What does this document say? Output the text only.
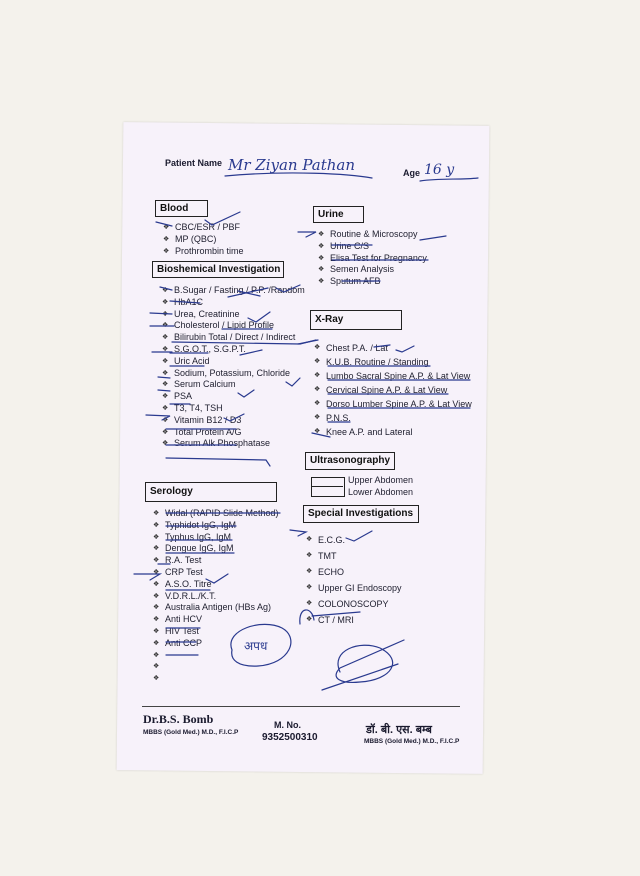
Patient Name Mr Ziyan Pathan	Age 16 y
Blood
❖ CBC/ESR / PBF
❖ MP (QBC)
❖ Prothrombin time
Bioshemical Investigation
❖ B.Sugar / Fasting / P.P. /Random
❖ HbA1C
❖ Urea, Creatinine
❖ Cholesterol / Lipid Profile
❖ Bilirubin Total / Direct / Indirect
❖ S.G.O.T., S.G.P.T.
❖ Uric Acid
❖ Sodium, Potassium, Chloride
❖ Serum Calcium
❖ PSA
❖ T3, T4, TSH
❖ Vitamin B12 / D3
❖ Total Protein A/G
❖ Serum Alk Phosphatase
Serology
❖ Widal (RAPID Slide Method)
❖ Typhidot IgG, IgM
❖ Typhus IgG, IgM
❖ Dengue IgG, IgM
❖ R.A. Test
❖ CRP Test
❖ A.S.O. Titre
❖ V.D.R.L./K.T.
❖ Australia Antigen (HBs Ag)
❖ Anti HCV
❖ HIV Test
❖ Anti CCP
❖
❖
❖
Urine
❖ Routine & Microscopy
❖ Urine C/S
❖ Elisa Test for Pregnancy
❖ Semen Analysis
❖ Sputum AFB
X-Ray
❖ Chest P.A. / Lat
❖ K.U.B. Routine / Standing
❖ Lumbo Sacral Spine A.P. & Lat View
❖ Cervical Spine A.P. & Lat View
❖ Dorso Lumber Spine A.P. & Lat View
❖ P.N.S.
❖ Knee A.P. and Lateral
Ultrasonography
Upper Abdomen
Lower Abdomen
Special Investigations
❖ E.C.G.
❖ TMT
❖ ECHO
❖ Upper GI Endoscopy
❖ COLONOSCOPY
❖ CT / MRI
अपध
Dr.B.S. Bomb
MBBS (Gold Med.) M.D., F.I.C.P
M. No.
9352500310
डॉ. बी. एस. बम्ब
MBBS (Gold Med.) M.D., F.I.C.P
